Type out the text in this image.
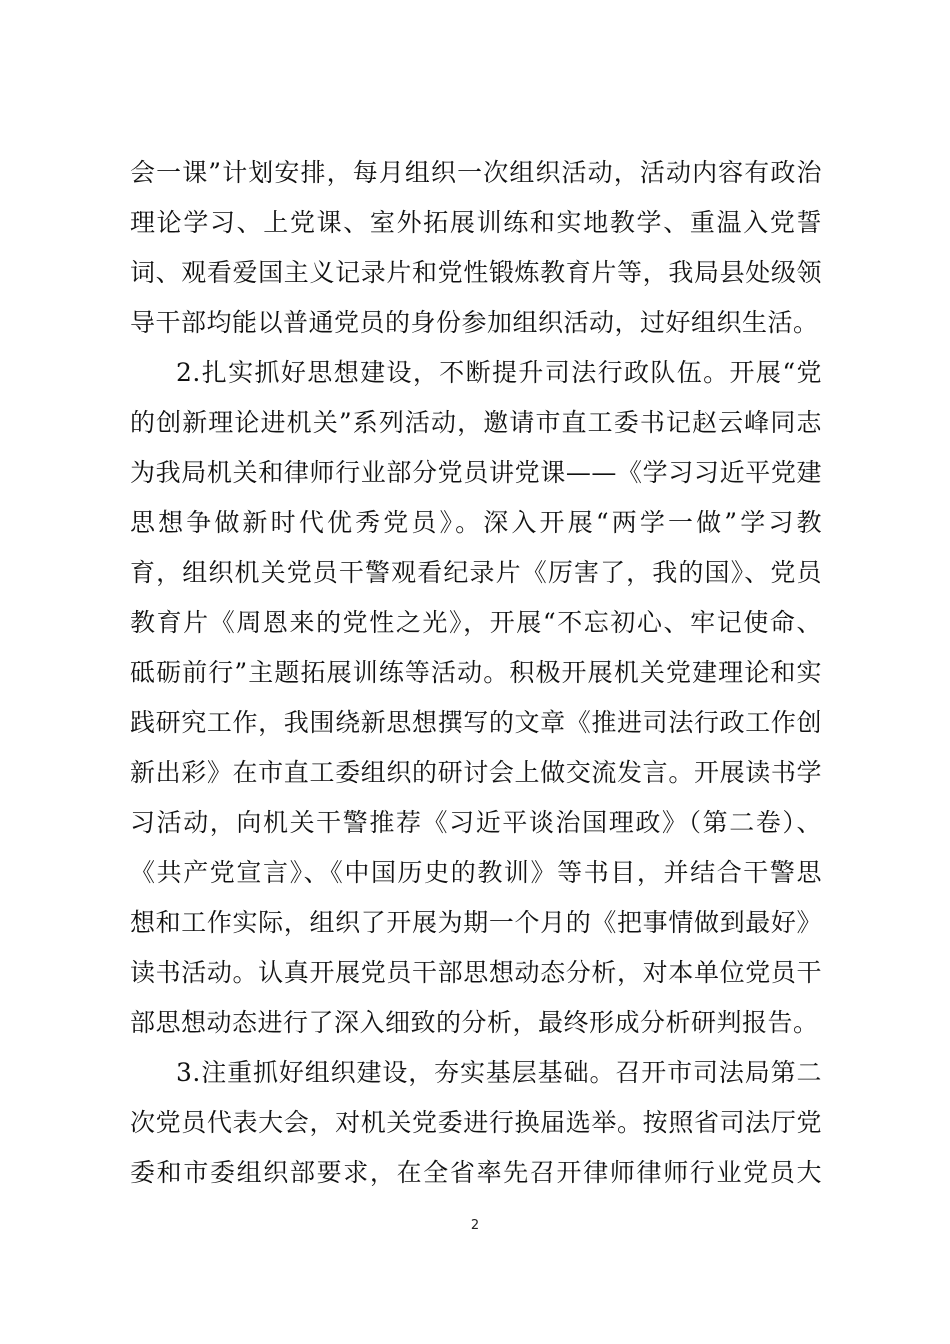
会一课”计划安排，每月组织一次组织活动，活动内容有政治
理论学习、上党课、室外拓展训练和实地教学、重温入党誓
词、观看爱国主义记录片和党性锻炼教育片等，我局县处级领
导干部均能以普通党员的身份参加组织活动，过好组织生活。
2.扎实抓好思想建设，不断提升司法行政队伍。开展“党
的创新理论进机关”系列活动，邀请市直工委书记赵云峰同志
为我局机关和律师行业部分党员讲党课——《学习习近平党建
思想争做新时代优秀党员》。深入开展“两学一做”学习教
育，组织机关党员干警观看纪录片《厉害了，我的国》、党员
教育片《周恩来的党性之光》，开展“不忘初心、牢记使命、
砥砺前行”主题拓展训练等活动。积极开展机关党建理论和实
践研究工作，我围绕新思想撰写的文章《推进司法行政工作创
新出彩》在市直工委组织的研讨会上做交流发言。开展读书学
习活动，向机关干警推荐《习近平谈治国理政》（第二卷）、
《共产党宣言》、《中国历史的教训》等书目，并结合干警思
想和工作实际，组织了开展为期一个月的《把事情做到最好》
读书活动。认真开展党员干部思想动态分析，对本单位党员干
部思想动态进行了深入细致的分析，最终形成分析研判报告。
3.注重抓好组织建设，夯实基层基础。召开市司法局第二
次党员代表大会，对机关党委进行换届选举。按照省司法厅党
委和市委组织部要求，在全省率先召开律师律师行业党员大
2
